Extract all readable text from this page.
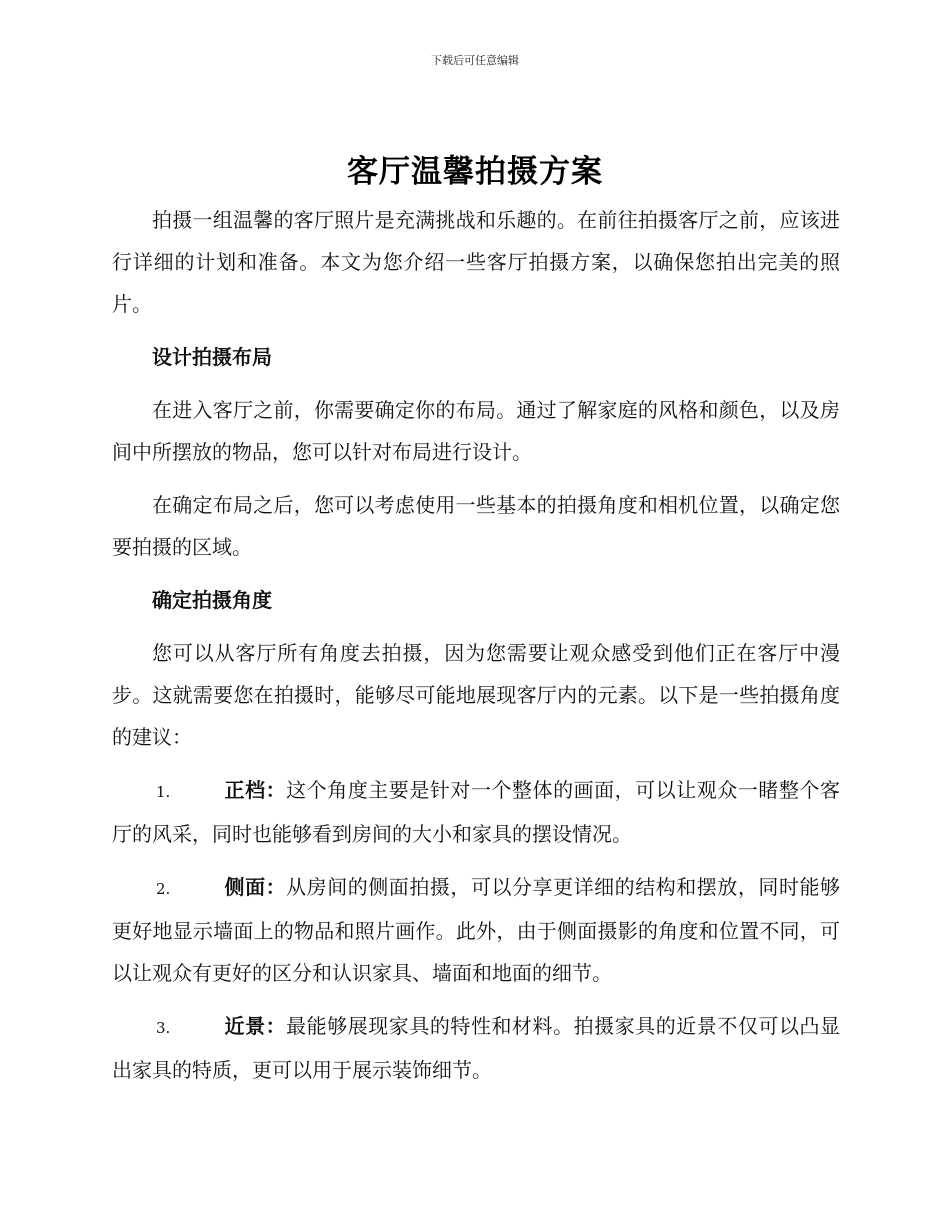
下载后可任意编辑
客厅温馨拍摄方案

拍摄一组温馨的客厅照片是充满挑战和乐趣的。在前往拍摄客厅之前，应该进行详细的计划和准备。本文为您介绍一些客厅拍摄方案，以确保您拍出完美的照片。

设计拍摄布局

在进入客厅之前，你需要确定你的布局。通过了解家庭的风格和颜色，以及房间中所摆放的物品，您可以针对布局进行设计。

在确定布局之后，您可以考虑使用一些基本的拍摄角度和相机位置，以确定您要拍摄的区域。

确定拍摄角度

您可以从客厅所有角度去拍摄，因为您需要让观众感受到他们正在客厅中漫步。这就需要您在拍摄时，能够尽可能地展现客厅内的元素。以下是一些拍摄角度的建议：

1.	正档：这个角度主要是针对一个整体的画面，可以让观众一睹整个客厅的风采，同时也能够看到房间的大小和家具的摆设情况。

2.	侧面：从房间的侧面拍摄，可以分享更详细的结构和摆放，同时能够更好地显示墙面上的物品和照片画作。此外，由于侧面摄影的角度和位置不同，可以让观众有更好的区分和认识家具、墙面和地面的细节。

3.	近景：最能够展现家具的特性和材料。拍摄家具的近景不仅可以凸显出家具的特质，更可以用于展示装饰细节。
